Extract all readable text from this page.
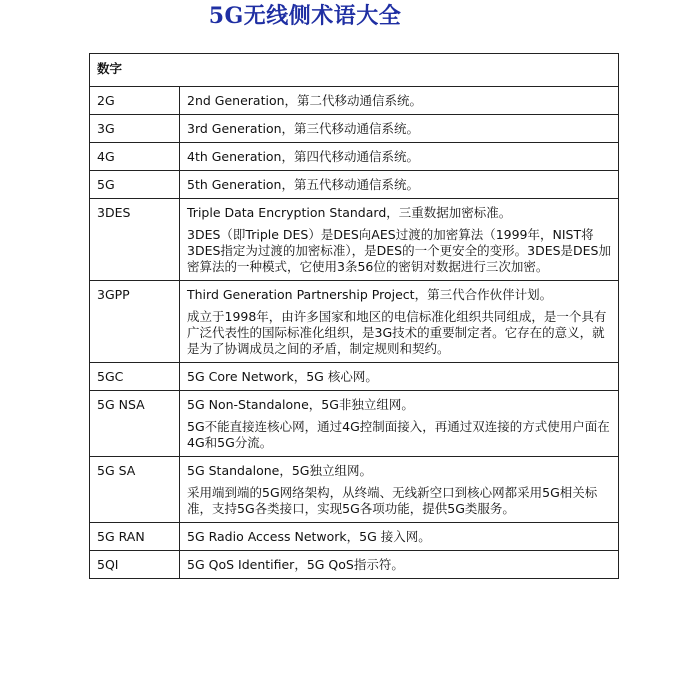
5G无线侧术语大全
数字	
2G	2nd Generation，第二代移动通信系统。

3G	3rd Generation，第三代移动通信系统。

4G	4th Generation，第四代移动通信系统。

5G	5th Generation，第五代移动通信系统。

3DES	Triple Data Encryption Standard，三重数据加密标准。

3DES（即Triple DES）是DES向AES过渡的加密算法（1999年，NIST将3DES指定为过渡的加密标准），是DES的一个更安全的变形。3DES是DES加密算法的一种模式，它使用3条56位的密钥对数据进行三次加密。

3GPP	Third Generation Partnership Project，第三代合作伙伴计划。

成立于1998年，由许多国家和地区的电信标准化组织共同组成，是一个具有广泛代表性的国际标准化组织，是3G技术的重要制定者。它存在的意义，就是为了协调成员之间的矛盾，制定规则和契约。

5GC	5G Core Network，5G 核心网。

5G NSA	5G Non-Standalone，5G非独立组网。

5G不能直接连核心网，通过4G控制面接入，再通过双连接的方式使用户面在4G和5G分流。

5G SA	5G Standalone，5G独立组网。

采用端到端的5G网络架构，从终端、无线新空口到核心网都采用5G相关标准，支持5G各类接口，实现5G各项功能，提供5G类服务。

5G RAN	5G Radio Access Network，5G 接入网。

5QI	5G QoS Identifier，5G QoS指示符。
